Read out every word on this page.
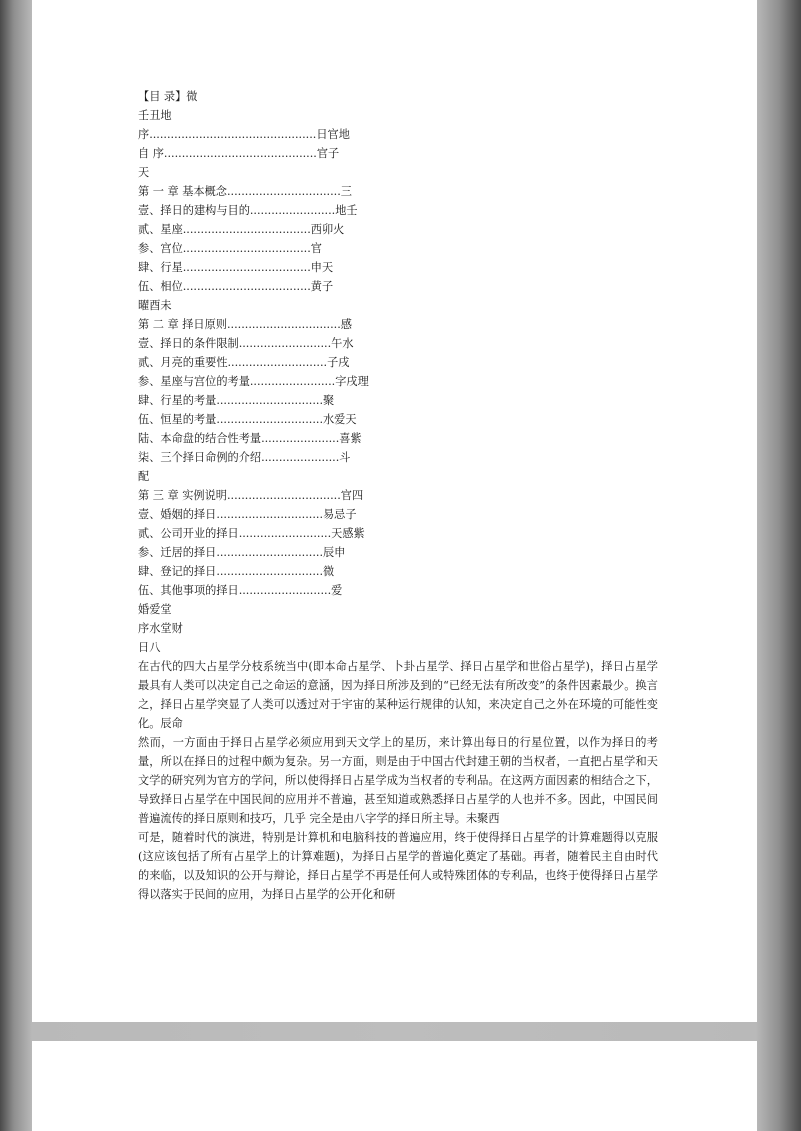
【目 录】微
壬丑地
序...............................................日官地
自 序...........................................官子
天
第 一 章 基本概念................................三
壹、择日的建构与目的........................地壬
贰、星座....................................西卯火
参、宫位....................................官
肆、行星....................................申天
伍、相位....................................黄子
曜酉未
第 二 章 择日原则................................感
壹、择日的条件限制..........................午水
贰、月亮的重要性............................子戌
参、星座与宫位的考量........................字戌理
肆、行星的考量..............................聚
伍、恒星的考量..............................水爱天
陆、本命盘的结合性考量......................喜紫
柒、三个择日命例的介绍......................斗
配
第 三 章 实例说明................................官四
壹、婚姻的择日..............................易忌子
贰、公司开业的择日..........................天感紫
参、迁居的择日..............................辰申
肆、登记的择日..............................微
伍、其他事项的择日..........................爱
婚爱堂
序水堂财
日八

在古代的四大占星学分枝系统当中(即本命占星学、卜卦占星学、择日占星学和世俗占星学)，择日占星学最具有人类可以决定自己之命运的意涵，因为择日所涉及到的“已经无法有所改变”的条件因素最少。换言之，择日占星学突显了人类可以透过对于宇宙的某种运行规律的认知，来决定自己之外在环境的可能性变化。辰命

然而，一方面由于择日占星学必须应用到天文学上的星历，来计算出每日的行星位置，以作为择日的考量，所以在择日的过程中颇为复杂。另一方面，则是由于中国古代封建王朝的当权者，一直把占星学和天文学的研究列为官方的学问，所以使得择日占星学成为当权者的专利品。在这两方面因素的相结合之下，导致择日占星学在中国民间的应用并不普遍，甚至知道或熟悉择日占星学的人也并不多。因此，中国民间普遍流传的择日原则和技巧，几乎 完全是由八字学的择日所主导。未聚西

可是，随着时代的演进，特别是计算机和电脑科技的普遍应用，终于使得择日占星学的计算难题得以克服(这应该包括了所有占星学上的计算难题)，为择日占星学的普遍化奠定了基础。再者，随着民主自由时代的来临，以及知识的公开与辩论，择日占星学不再是任何人或特殊团体的专利品，也终于使得择日占星学得以落实于民间的应用，为择日占星学的公开化和研
